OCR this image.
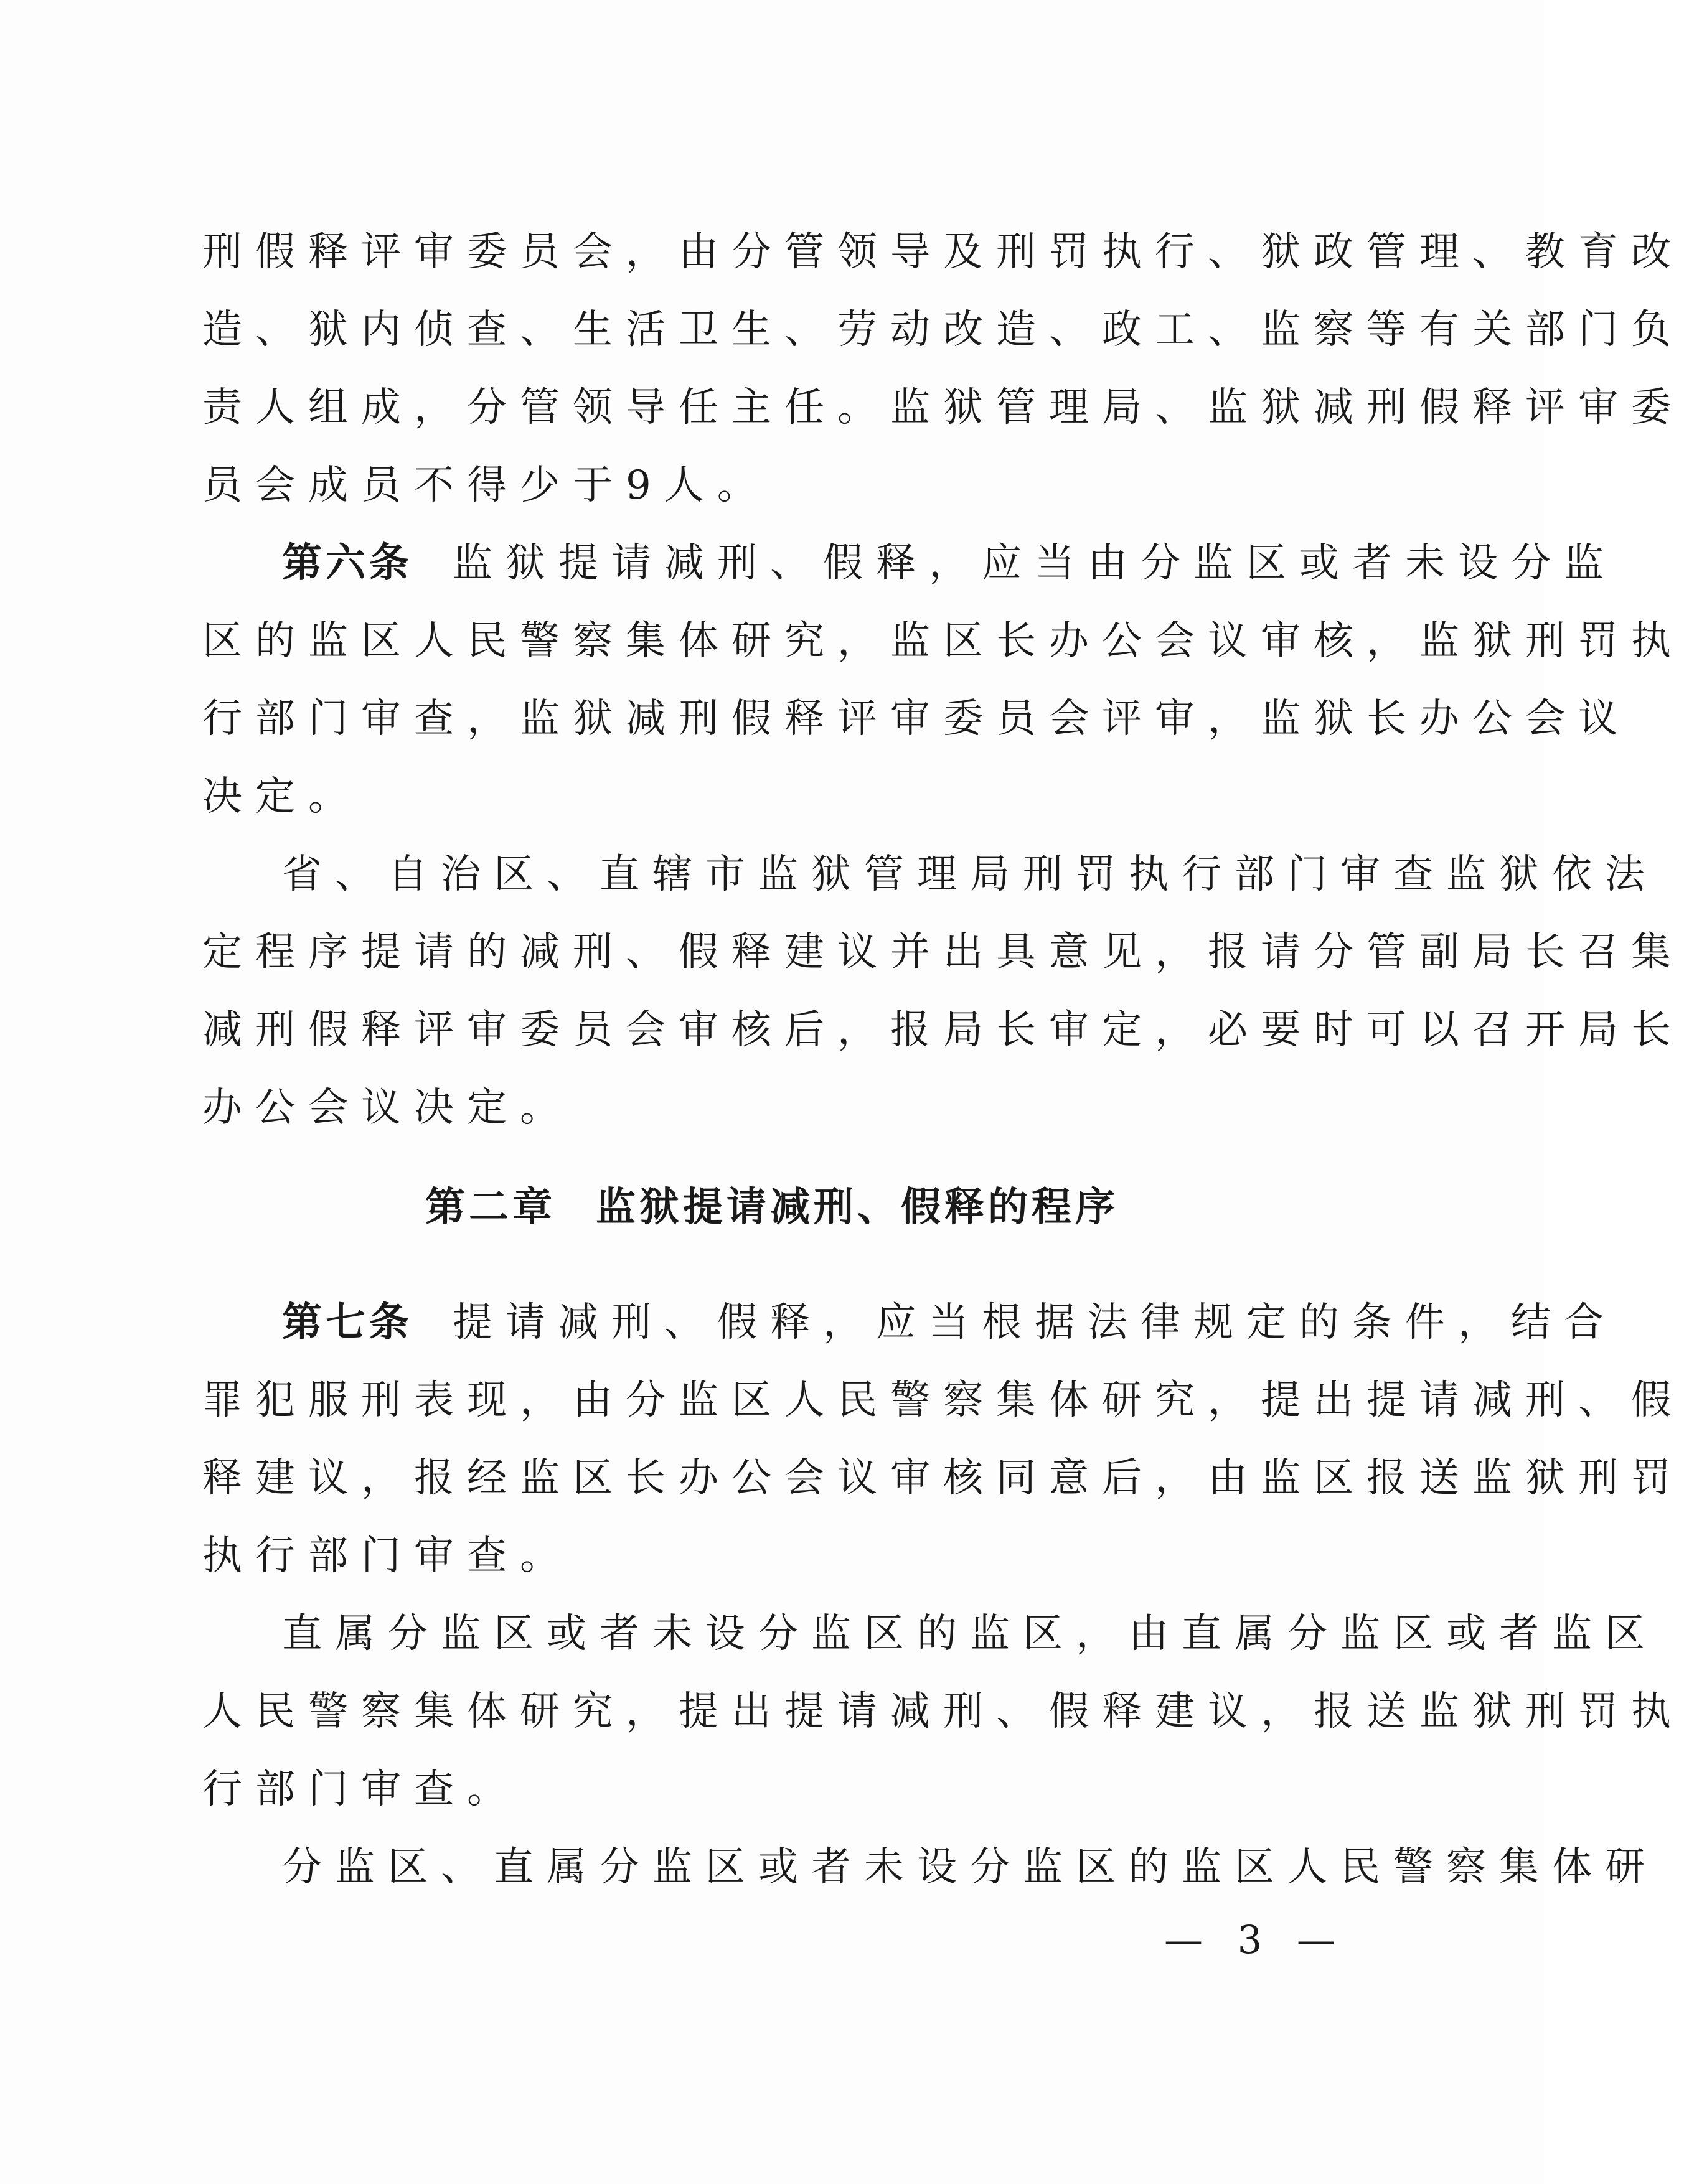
刑假释评审委员会，由分管领导及刑罚执行、狱政管理、教育改
造、狱内侦查、生活卫生、劳动改造、政工、监察等有关部门负
责人组成，分管领导任主任。监狱管理局、监狱减刑假释评审委
员会成员不得少于9人。
第六条 监狱提请减刑、假释，应当由分监区或者未设分监
区的监区人民警察集体研究，监区长办公会议审核，监狱刑罚执
行部门审查，监狱减刑假释评审委员会评审，监狱长办公会议
决定。
省、自治区、直辖市监狱管理局刑罚执行部门审查监狱依法
定程序提请的减刑、假释建议并出具意见，报请分管副局长召集
减刑假释评审委员会审核后，报局长审定，必要时可以召开局长
办公会议决定。
第二章 监狱提请减刑、假释的程序
第七条 提请减刑、假释，应当根据法律规定的条件，结合
罪犯服刑表现，由分监区人民警察集体研究，提出提请减刑、假
释建议，报经监区长办公会议审核同意后，由监区报送监狱刑罚
执行部门审查。
直属分监区或者未设分监区的监区，由直属分监区或者监区
人民警察集体研究，提出提请减刑、假释建议，报送监狱刑罚执
行部门审查。
分监区、直属分监区或者未设分监区的监区人民警察集体研
— 3 —
